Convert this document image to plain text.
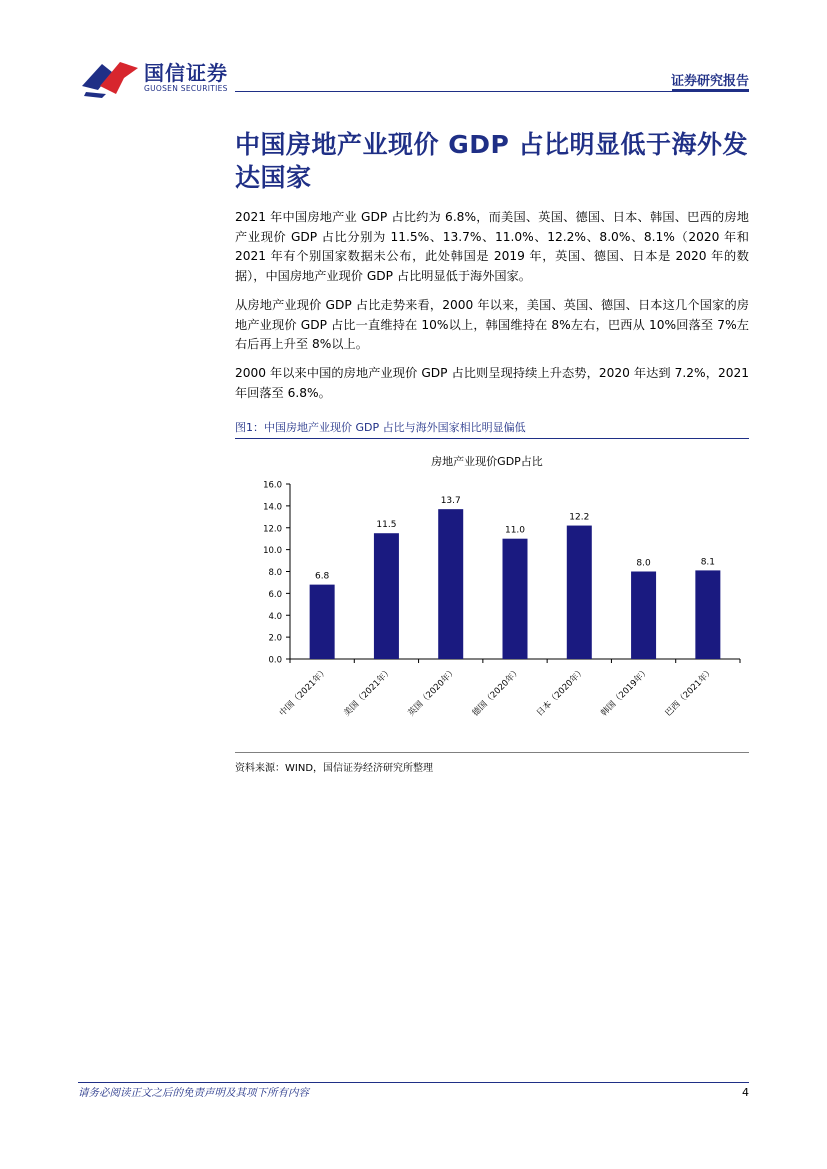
国信证券
GUOSEN SECURITIES	证券研究报告
中国房地产业现价 GDP 占比明显低于海外发达国家
2021 年中国房地产业 GDP 占比约为 6.8%，而美国、英国、德国、日本、韩国、巴西的房地产业现价 GDP 占比分别为 11.5%、13.7%、11.0%、12.2%、8.0%、8.1%（2020 年和 2021 年有个别国家数据未公布，此处韩国是 2019 年，英国、德国、日本是 2020 年的数据），中国房地产业现价 GDP 占比明显低于海外国家。
从房地产业现价 GDP 占比走势来看，2000 年以来，美国、英国、德国、日本这几个国家的房地产业现价 GDP 占比一直维持在 10%以上，韩国维持在 8%左右，巴西从 10%回落至 7%左右后再上升至 8%以上。
2000 年以来中国的房地产业现价 GDP 占比则呈现持续上升态势，2020 年达到 7.2%，2021 年回落至 6.8%。
图1：中国房地产业现价 GDP 占比与海外国家相比明显偏低
房地产业现价GDP占比
0.0
2.0
4.0
6.0
8.0
10.0
12.0
14.0
16.0
6.8
中国（2021年）
11.5
美国（2021年）
13.7
英国（2020年）
11.0
德国（2020年）
12.2
日本（2020年）
8.0
韩国（2019年）
8.1
巴西（2021年）
资料来源：WIND，国信证券经济研究所整理
请务必阅读正文之后的免责声明及其项下所有内容	4
